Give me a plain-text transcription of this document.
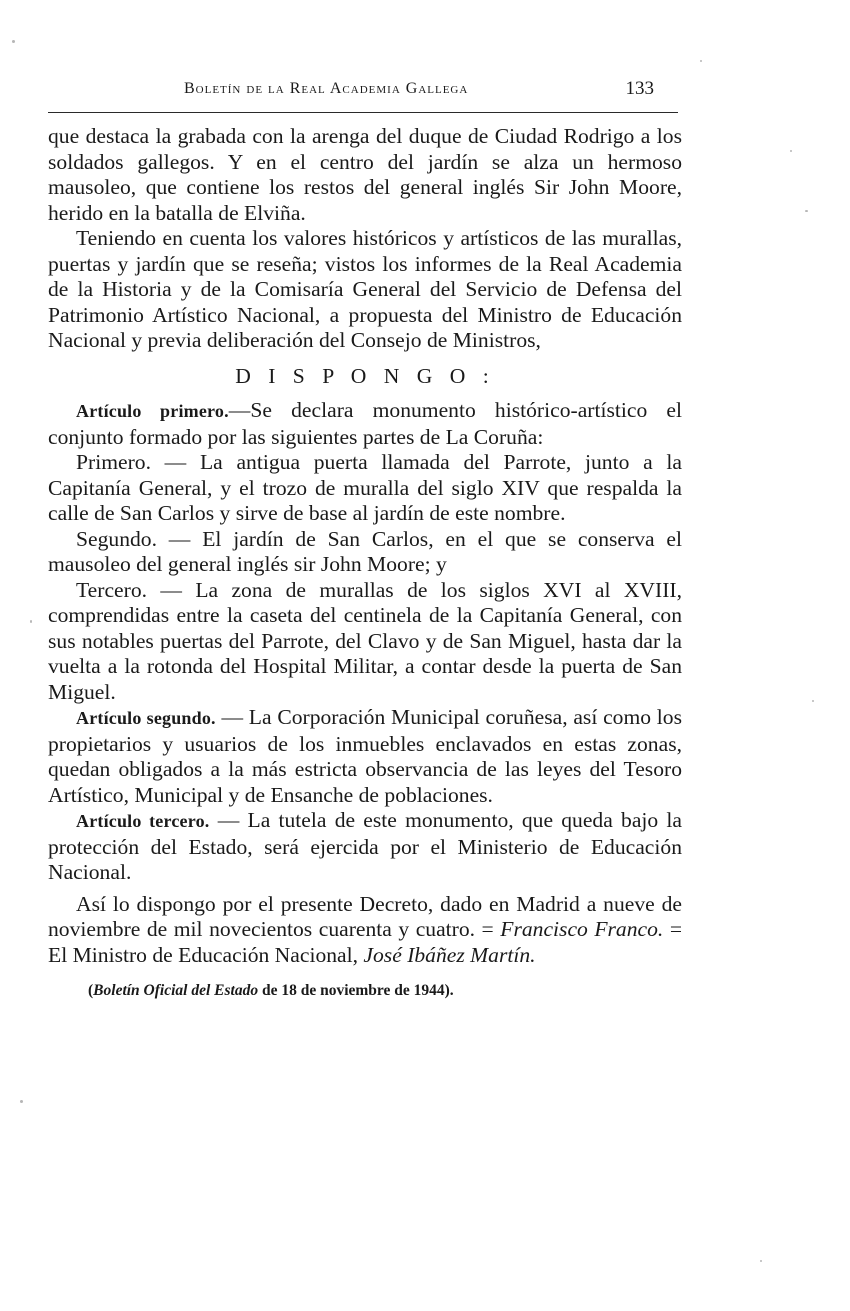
Boletín de la Real Academia Gallega	133

que destaca la grabada con la arenga del duque de Ciudad Rodrigo a los soldados gallegos. Y en el centro del jardín se alza un hermoso mausoleo, que contiene los restos del general inglés Sir John Moore, herido en la batalla de Elviña.

Teniendo en cuenta los valores históricos y artísticos de las murallas, puertas y jardín que se reseña; vistos los informes de la Real Academia de la Historia y de la Comisaría General del Servicio de Defensa del Patrimonio Artístico Nacional, a propuesta del Ministro de Educación Nacional y previa deliberación del Consejo de Ministros,

D I S P O N G O :

Artículo primero.—Se declara monumento histórico-artístico el conjunto formado por las siguientes partes de La Coruña:

Primero. — La antigua puerta llamada del Parrote, junto a la Capitanía General, y el trozo de muralla del siglo XIV que respalda la calle de San Carlos y sirve de base al jardín de este nombre.

Segundo. — El jardín de San Carlos, en el que se conserva el mausoleo del general inglés sir John Moore; y

Tercero. — La zona de murallas de los siglos XVI al XVIII, comprendidas entre la caseta del centinela de la Capitanía General, con sus notables puertas del Parrote, del Clavo y de San Miguel, hasta dar la vuelta a la rotonda del Hospital Militar, a contar desde la puerta de San Miguel.

Artículo segundo. — La Corporación Municipal coruñesa, así como los propietarios y usuarios de los inmuebles enclavados en estas zonas, quedan obligados a la más estricta observancia de las leyes del Tesoro Artístico, Municipal y de Ensanche de poblaciones.

Artículo tercero. — La tutela de este monumento, que queda bajo la protección del Estado, será ejercida por el Ministerio de Educación Nacional.

Así lo dispongo por el presente Decreto, dado en Madrid a nueve de noviembre de mil novecientos cuarenta y cuatro. = Francisco Franco. = El Ministro de Educación Nacional, José Ibáñez Martín.

(Boletín Oficial del Estado de 18 de noviembre de 1944).
